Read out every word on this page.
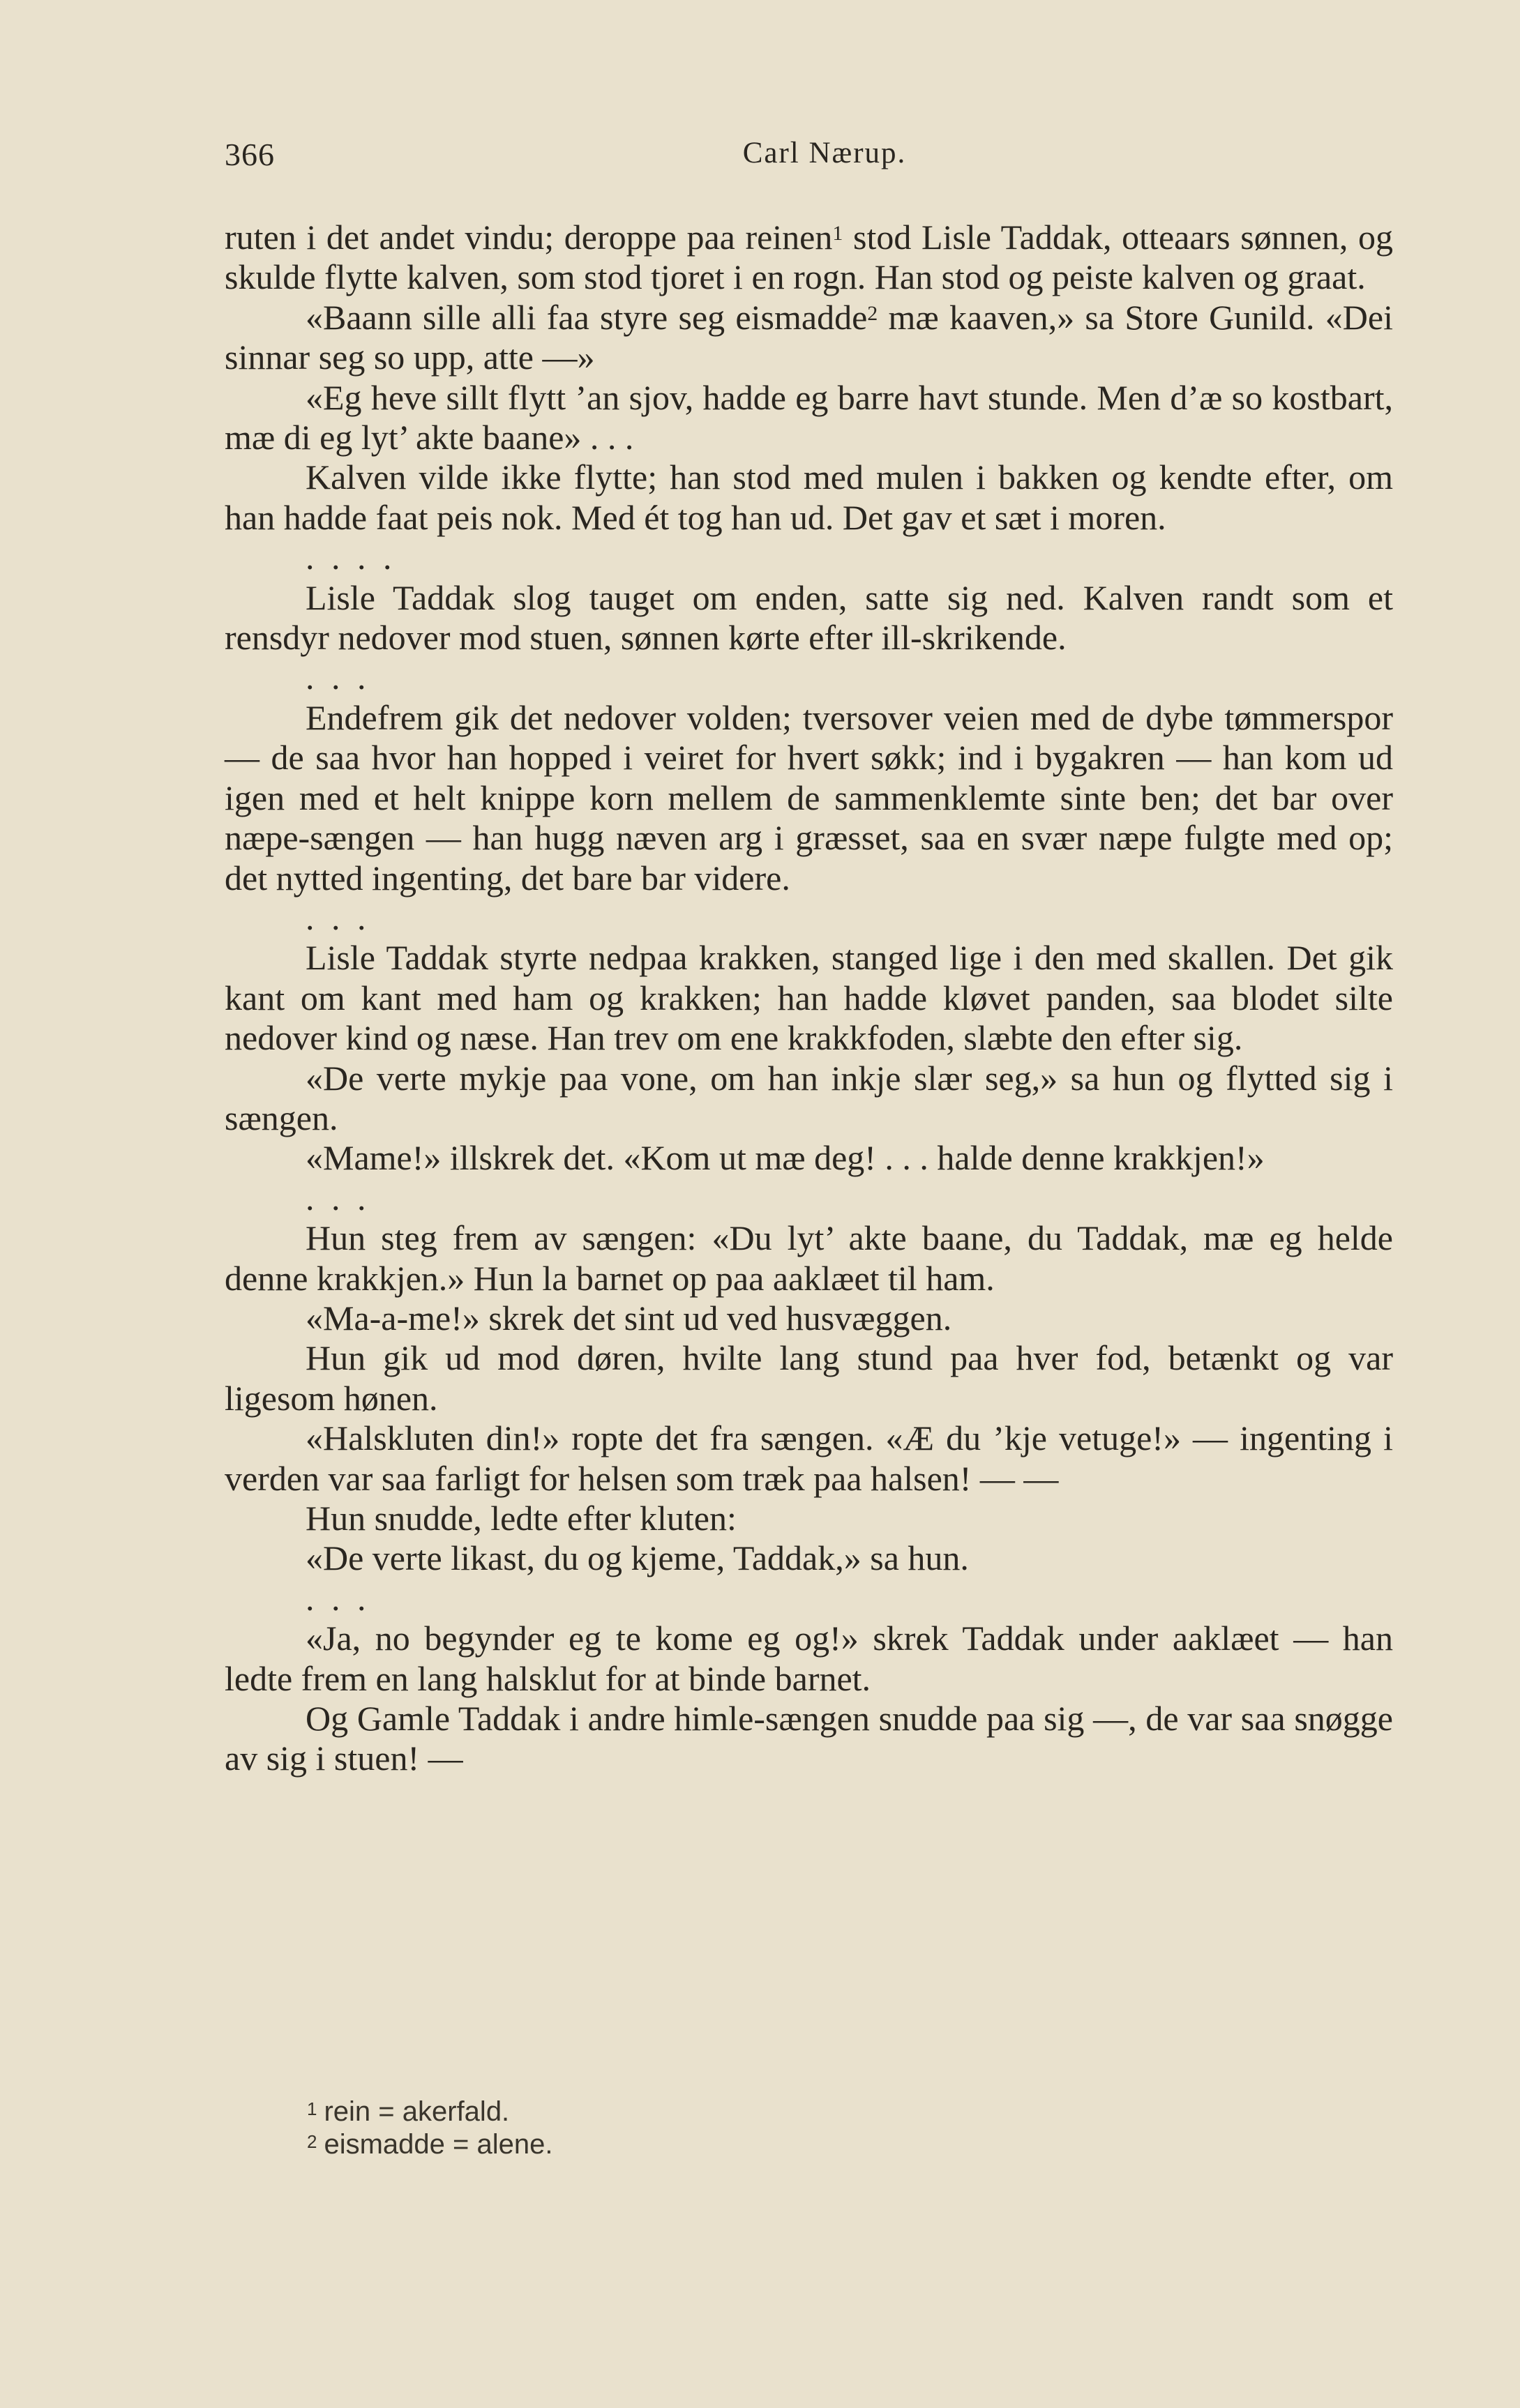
366	Carl Nærup.

ruten i det andet vindu; deroppe paa reinen$^1$ stod Lisle Taddak, otteaars sønnen, og skulde flytte kalven, som stod tjoret i en rogn. Han stod og peiste kalven og graat.

«Baann sille alli faa styre seg eismadde$^2$ mæ kaaven,» sa Store Gunild. «Dei sinnar seg so upp, atte —»

«Eg heve sillt flytt ’an sjov, hadde eg barre havt stunde. Men d’æ so kostbart, mæ di eg lyt’ akte baane» . . .

Kalven vilde ikke flytte; han stod med mulen i bakken og kendte efter, om han hadde faat peis nok. Med ét tog han ud. Det gav et sæt i moren.

. . . .

Lisle Taddak slog tauget om enden, satte sig ned. Kalven randt som et rensdyr nedover mod stuen, sønnen kørte efter ill-skrikende.

. . .

Endefrem gik det nedover volden; tversover veien med de dybe tømmerspor — de saa hvor han hopped i veiret for hvert søkk; ind i bygakren — han kom ud igen med et helt knippe korn mellem de sammenklemte sinte ben; det bar over næpe-sængen — han hugg næven arg i græsset, saa en svær næpe fulgte med op; det nytted ingenting, det bare bar videre.

. . .

Lisle Taddak styrte nedpaa krakken, stanged lige i den med skallen. Det gik kant om kant med ham og krakken; han hadde kløvet panden, saa blodet silte nedover kind og næse. Han trev om ene krakkfoden, slæbte den efter sig.

«De verte mykje paa vone, om han inkje slær seg,» sa hun og flytted sig i sængen.

«Mame!» illskrek det. «Kom ut mæ deg! . . . halde denne krakkjen!»

. . .

Hun steg frem av sængen: «Du lyt’ akte baane, du Taddak, mæ eg helde denne krakkjen.» Hun la barnet op paa aaklæet til ham.

«Ma-a-me!» skrek det sint ud ved husvæggen.

Hun gik ud mod døren, hvilte lang stund paa hver fod, betænkt og var ligesom hønen.

«Halskluten din!» ropte det fra sængen. «Æ du ’kje vetuge!» — ingenting i verden var saa farligt for helsen som træk paa halsen! — —

Hun snudde, ledte efter kluten:

«De verte likast, du og kjeme, Taddak,» sa hun.

. . .

«Ja, no begynder eg te kome eg og!» skrek Taddak under aaklæet — han ledte frem en lang halsklut for at binde barnet.

Og Gamle Taddak i andre himle-sængen snudde paa sig —, de var saa snøgge av sig i stuen! —

$^1$ rein = akerfald.

$^2$ eismadde = alene.
